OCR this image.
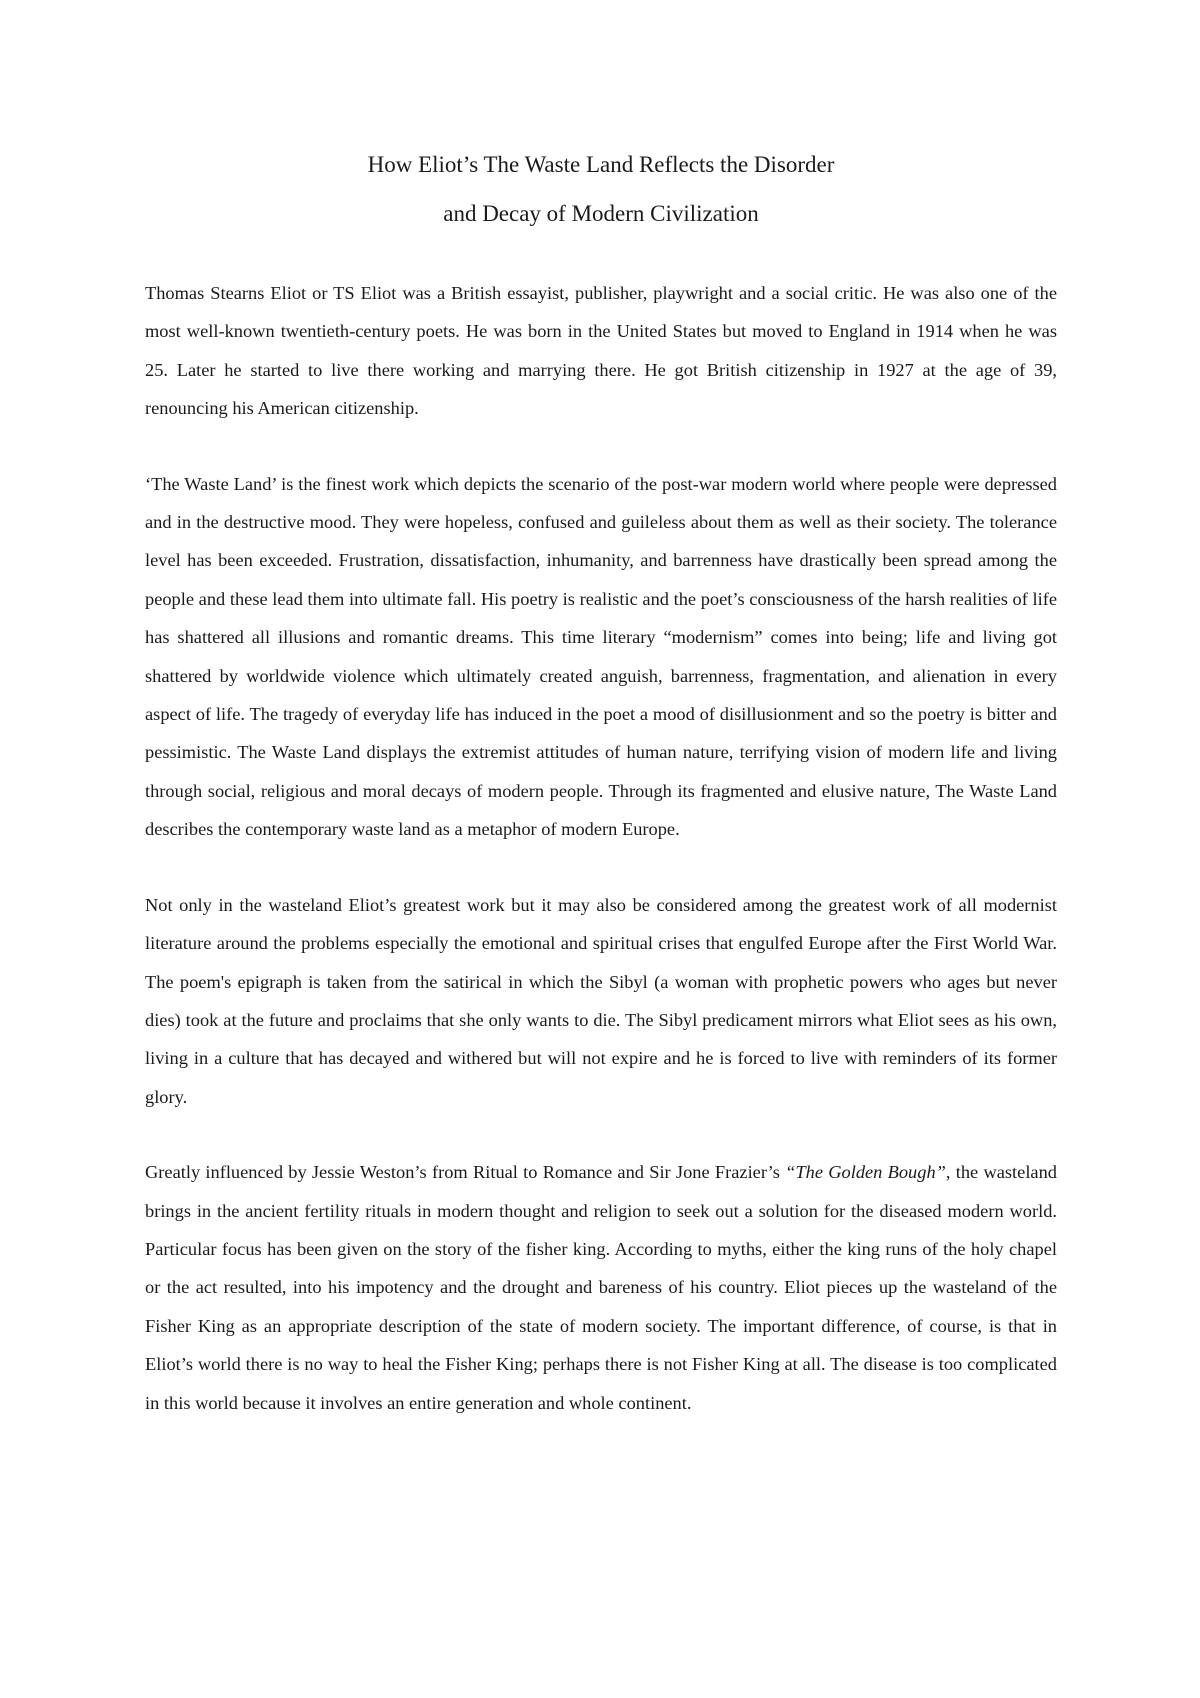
How Eliot’s The Waste Land Reflects the Disorder
and Decay of Modern Civilization

Thomas Stearns Eliot or TS Eliot was a British essayist, publisher, playwright and a social critic. He was also one of the most well-known twentieth-century poets. He was born in the United States but moved to England in 1914 when he was 25. Later he started to live there working and marrying there. He got British citizenship in 1927 at the age of 39, renouncing his American citizenship.

‘The Waste Land’ is the finest work which depicts the scenario of the post-war modern world where people were depressed and in the destructive mood. They were hopeless, confused and guileless about them as well as their society. The tolerance level has been exceeded. Frustration, dissatisfaction, inhumanity, and barrenness have drastically been spread among the people and these lead them into ultimate fall. His poetry is realistic and the poet’s consciousness of the harsh realities of life has shattered all illusions and romantic dreams. This time literary “modernism” comes into being; life and living got shattered by worldwide violence which ultimately created anguish, barrenness, fragmentation, and alienation in every aspect of life. The tragedy of everyday life has induced in the poet a mood of disillusionment and so the poetry is bitter and pessimistic. The Waste Land displays the extremist attitudes of human nature, terrifying vision of modern life and living through social, religious and moral decays of modern people. Through its fragmented and elusive nature, The Waste Land describes the contemporary waste land as a metaphor of modern Europe.

Not only in the wasteland Eliot’s greatest work but it may also be considered among the greatest work of all modernist literature around the problems especially the emotional and spiritual crises that engulfed Europe after the First World War. The poem's epigraph is taken from the satirical in which the Sibyl (a woman with prophetic powers who ages but never dies) took at the future and proclaims that she only wants to die. The Sibyl predicament mirrors what Eliot sees as his own, living in a culture that has decayed and withered but will not expire and he is forced to live with reminders of its former glory.

Greatly influenced by Jessie Weston’s from Ritual to Romance and Sir Jone Frazier’s “The Golden Bough”, the wasteland brings in the ancient fertility rituals in modern thought and religion to seek out a solution for the diseased modern world. Particular focus has been given on the story of the fisher king. According to myths, either the king runs of the holy chapel or the act resulted, into his impotency and the drought and bareness of his country. Eliot pieces up the wasteland of the Fisher King as an appropriate description of the state of modern society. The important difference, of course, is that in Eliot’s world there is no way to heal the Fisher King; perhaps there is not Fisher King at all. The disease is too complicated in this world because it involves an entire generation and whole continent.
